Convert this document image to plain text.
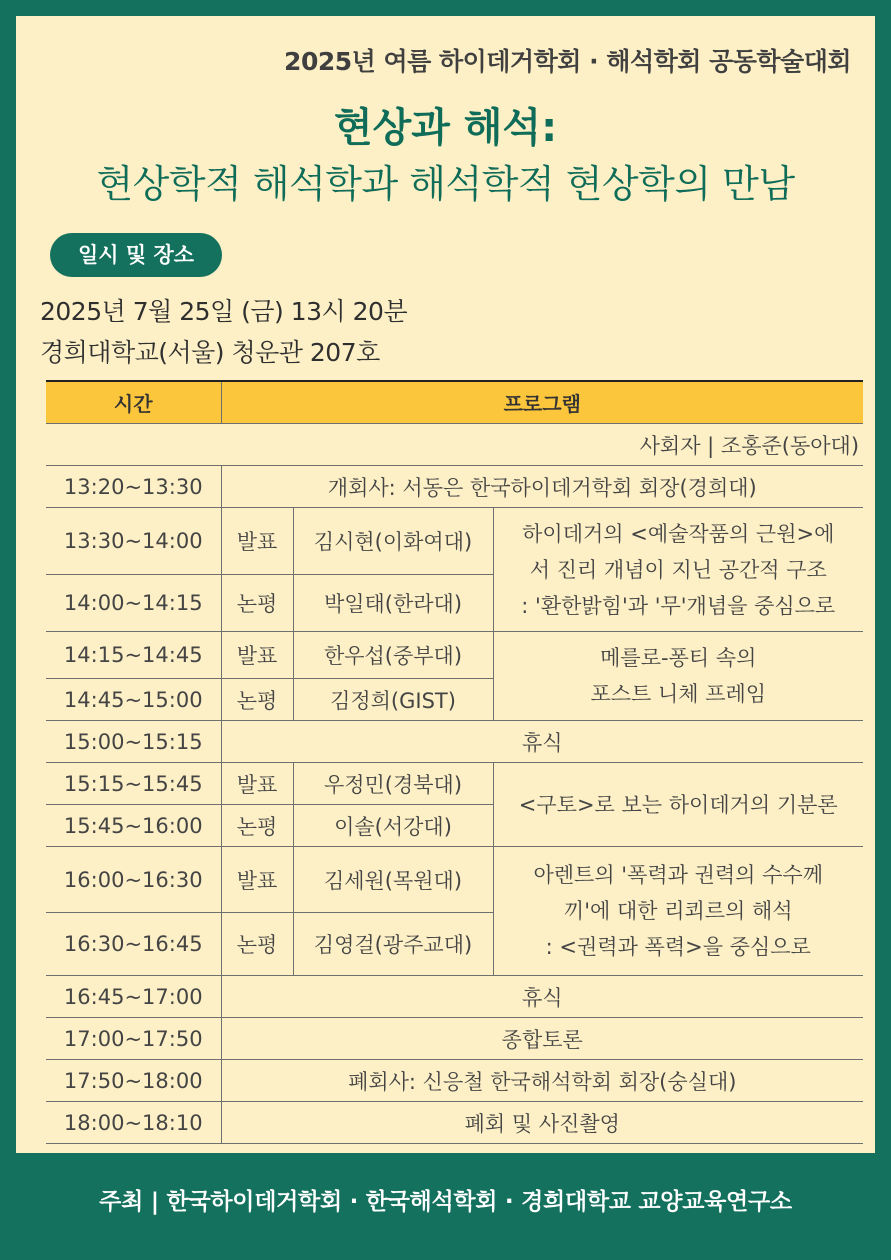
2025년 여름 하이데거학회 · 해석학회 공동학술대회
현상과 해석:
현상학적 해석학과 해석학적 현상학의 만남
일시 및 장소
2025년 7월 25일 (금) 13시 20분
경희대학교(서울) 청운관 207호
시간	프로그램		
사회자 | 조홍준(동아대)			
13:20~13:30	개회사: 서동은 한국하이데거학회 회장(경희대)		
13:30~14:00	발표	김시현(이화여대)	하이데거의 <예술작품의 근원>에
서 진리 개념이 지닌 공간적 구조
: '환한밝힘'과 '무'개념을 중심으로

14:00~14:15	논평	박일태(한라대)	
14:15~14:45	발표	한우섭(중부대)	메를로-퐁티 속의
포스트 니체 프레임

14:45~15:00	논평	김정희(GIST)	
15:00~15:15	휴식		
15:15~15:45	발표	우정민(경북대)	<구토>로 보는 하이데거의 기분론

15:45~16:00	논평	이솔(서강대)	
16:00~16:30	발표	김세원(목원대)	아렌트의 '폭력과 권력의 수수께
끼'에 대한 리쾨르의 해석
: <권력과 폭력>을 중심으로

16:30~16:45	논평	김영걸(광주교대)	
16:45~17:00	휴식		
17:00~17:50	종합토론		
17:50~18:00	폐회사: 신응철 한국해석학회 회장(숭실대)		
18:00~18:10	폐회 및 사진촬영		
주최 | 한국하이데거학회 · 한국해석학회 · 경희대학교 교양교육연구소
